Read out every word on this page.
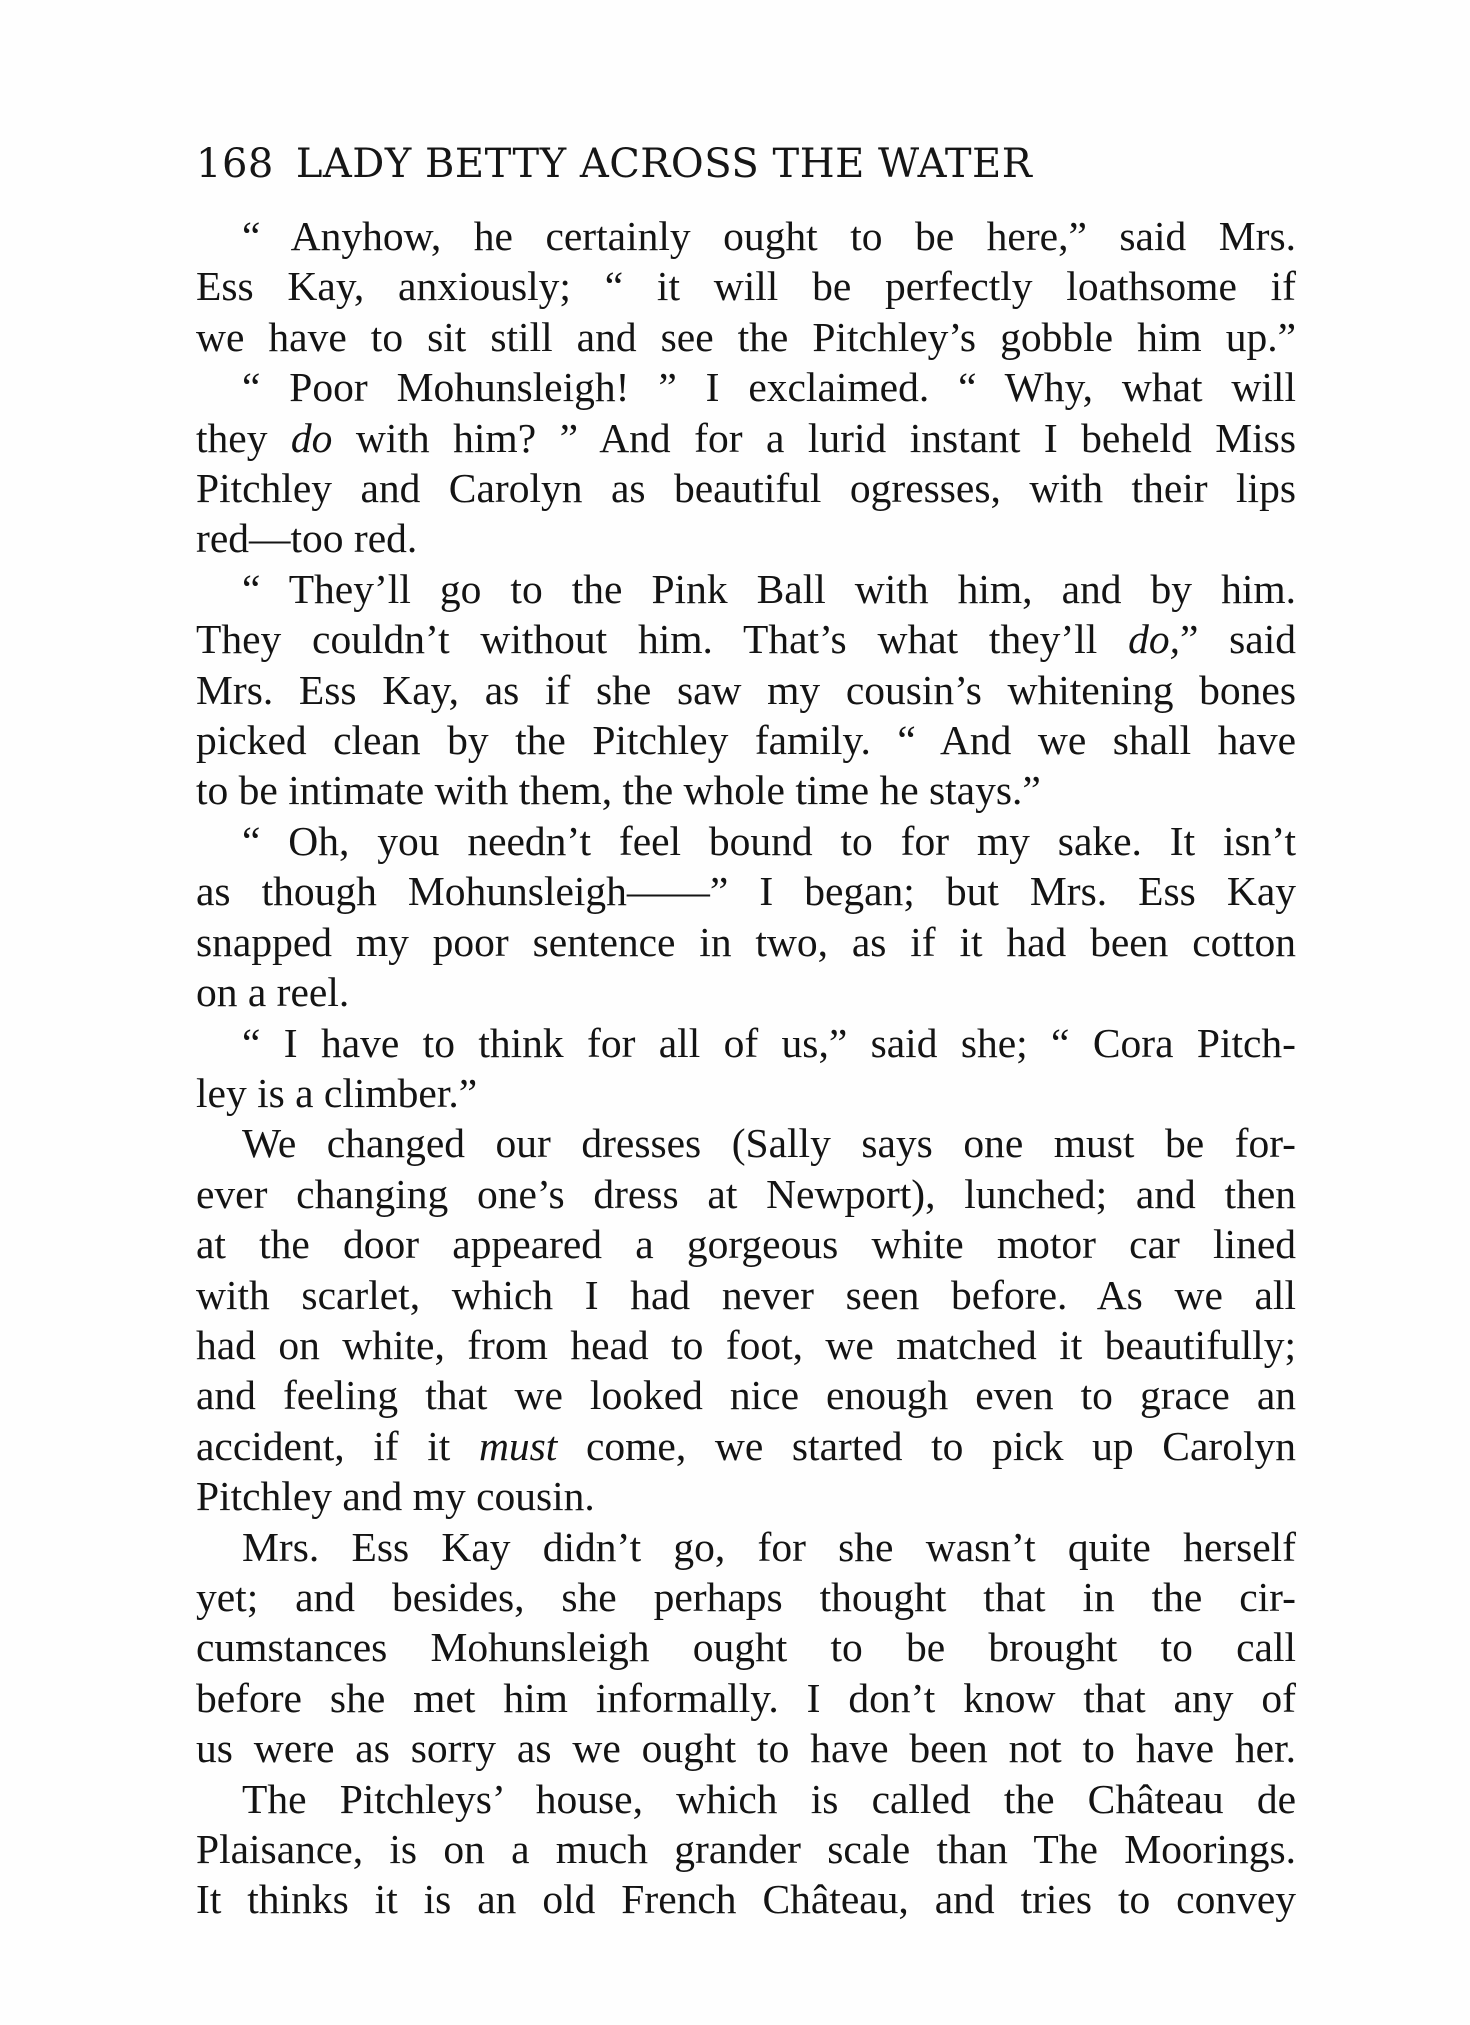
168 LADY BETTY ACROSS THE WATER
“ Anyhow, he certainly ought to be here,” said Mrs.
Ess Kay, anxiously; “ it will be perfectly loathsome if
we have to sit still and see the Pitchley’s gobble him up.”
“ Poor Mohunsleigh! ” I exclaimed. “ Why, what will
they do with him? ” And for a lurid instant I beheld Miss
Pitchley and Carolyn as beautiful ogresses, with their lips
red—too red.
“ They’ll go to the Pink Ball with him, and by him.
They couldn’t without him. That’s what they’ll do,” said
Mrs. Ess Kay, as if she saw my cousin’s whitening bones
picked clean by the Pitchley family. “ And we shall have
to be intimate with them, the whole time he stays.”
“ Oh, you needn’t feel bound to for my sake. It isn’t
as though Mohunsleigh——” I began; but Mrs. Ess Kay
snapped my poor sentence in two, as if it had been cotton
on a reel.
“ I have to think for all of us,” said she; “ Cora Pitch-
ley is a climber.”
We changed our dresses (Sally says one must be for-
ever changing one’s dress at Newport), lunched; and then
at the door appeared a gorgeous white motor car lined
with scarlet, which I had never seen before. As we all
had on white, from head to foot, we matched it beautifully;
and feeling that we looked nice enough even to grace an
accident, if it must come, we started to pick up Carolyn
Pitchley and my cousin.
Mrs. Ess Kay didn’t go, for she wasn’t quite herself
yet; and besides, she perhaps thought that in the cir-
cumstances Mohunsleigh ought to be brought to call
before she met him informally. I don’t know that any of
us were as sorry as we ought to have been not to have her.
The Pitchleys’ house, which is called the Château de
Plaisance, is on a much grander scale than The Moorings.
It thinks it is an old French Château, and tries to convey
